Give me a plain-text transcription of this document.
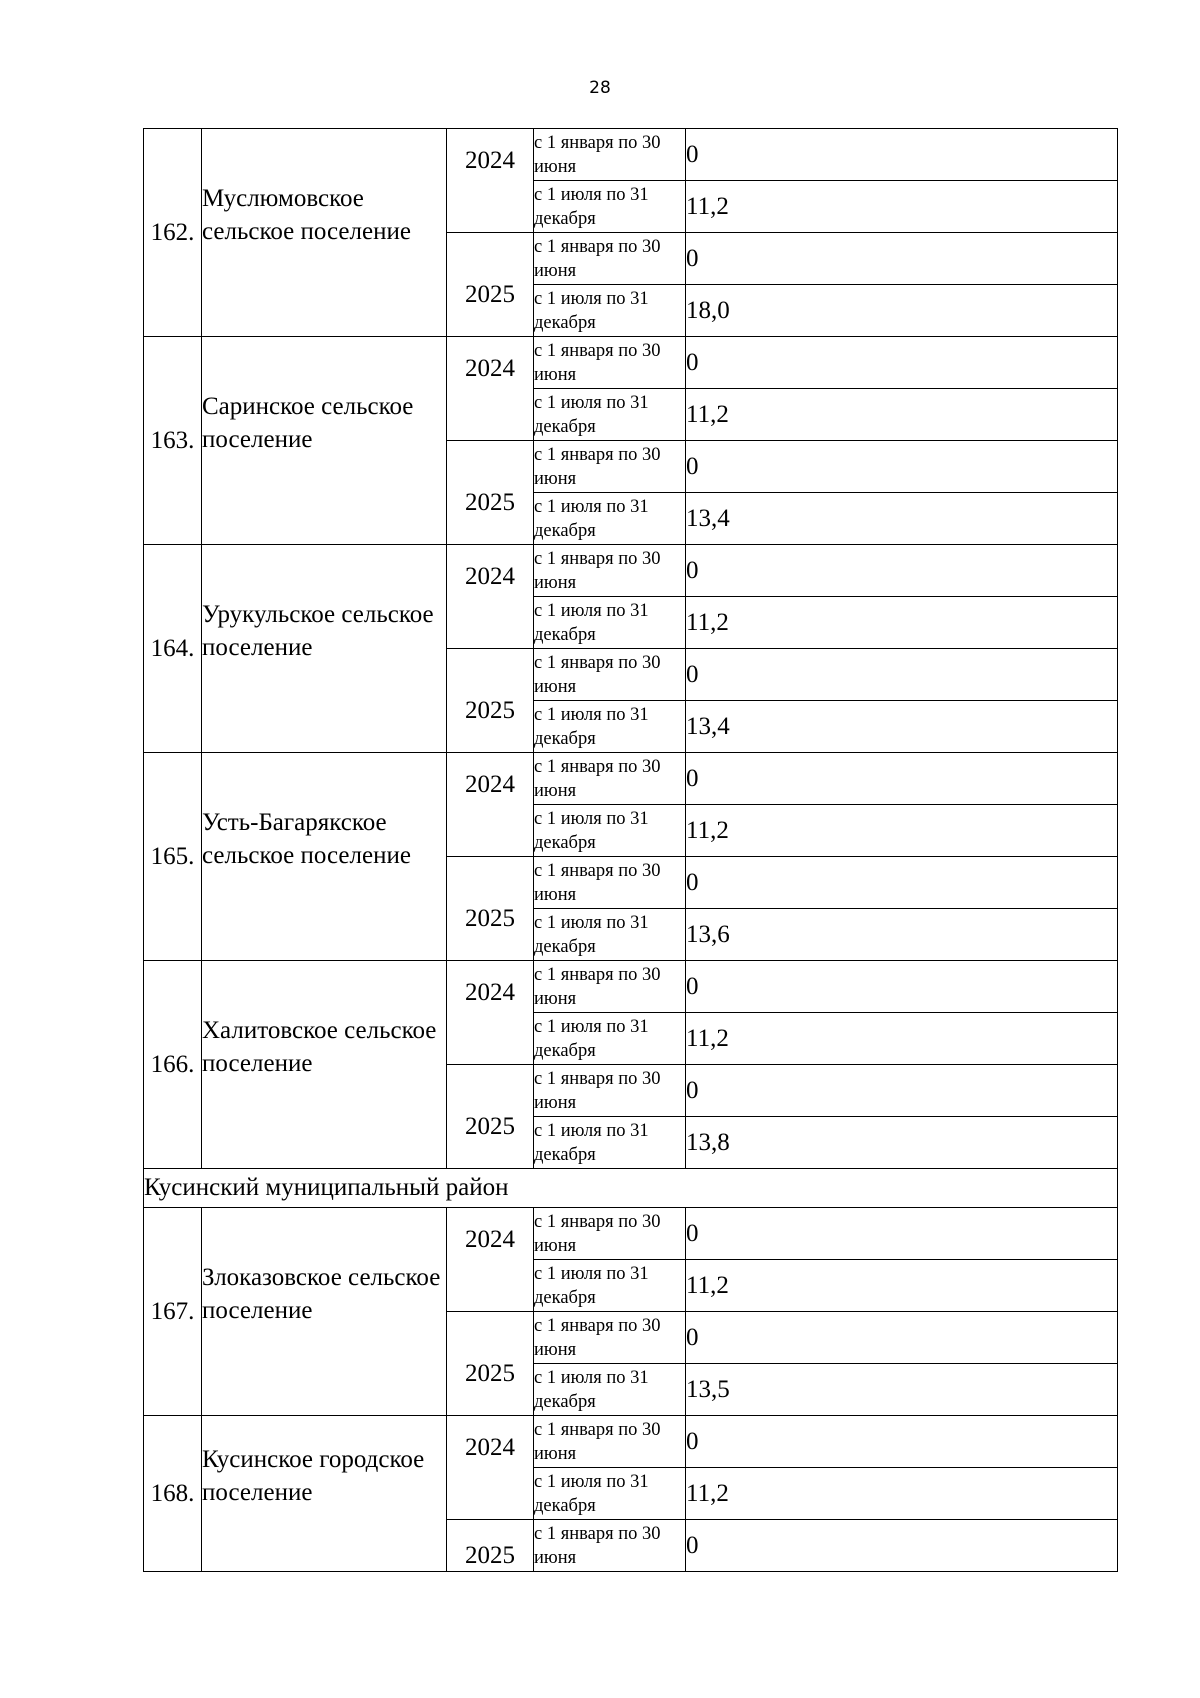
28
162.	Муслюмовское сельское поселение	2024	с 1 января по 30 июня	0
			с 1 июля по 31 декабря	11,2

		2025	с 1 января по 30 июня	0
			с 1 июля по 31 декабря	18,0
163.	Саринское сельское поселение	2024	с 1 января по 30 июня	0
			с 1 июля по 31 декабря	11,2

		2025	с 1 января по 30 июня	0
			с 1 июля по 31 декабря	13,4
164.	Урукульское сельское поселение	2024	с 1 января по 30 июня	0
			с 1 июля по 31 декабря	11,2

		2025	с 1 января по 30 июня	0
			с 1 июля по 31 декабря	13,4
165.	Усть-Багарякское сельское поселение	2024	с 1 января по 30 июня	0
			с 1 июля по 31 декабря	11,2

		2025	с 1 января по 30 июня	0
			с 1 июля по 31 декабря	13,6
166.	Халитовское сельское поселение	2024	с 1 января по 30 июня	0
			с 1 июля по 31 декабря	11,2

		2025	с 1 января по 30 июня	0
			с 1 июля по 31 декабря	13,8
Кусинский муниципальный район				
167.	Злоказовское сельское поселение	2024	с 1 января по 30 июня	0
			с 1 июля по 31 декабря	11,2

		2025	с 1 января по 30 июня	0
			с 1 июля по 31 декабря	13,5
168.	Кусинское городское поселение	2024	с 1 января по 30 июня	0
			с 1 июля по 31 декабря	11,2

		2025	с 1 января по 30 июня	0
